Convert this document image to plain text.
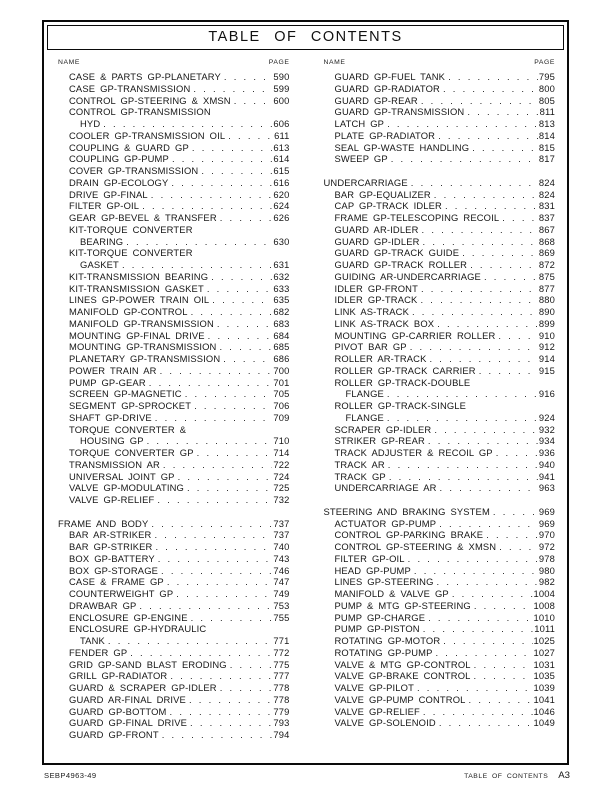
TABLE OF CONTENTS
NAME	PAGE	NAME	PAGE
CASE & PARTS GP-PLANETARY . . .	590
CASE GP-TRANSMISSION . . .	599
CONTROL GP-STEERING & XMSN . . .	600
CONTROL GP-TRANSMISSION
HYD . . .	606
COOLER GP-TRANSMISSION OIL . . .	611
COUPLING & GUARD GP . . .	613
COUPLING GP-PUMP . . .	614
COVER GP-TRANSMISSION . . .	615
DRAIN GP-ECOLOGY . . .	616
DRIVE GP-FINAL . . .	620
FILTER GP-OIL . . .	624
GEAR GP-BEVEL & TRANSFER . . .	626
KIT-TORQUE CONVERTER
BEARING . . .	630
KIT-TORQUE CONVERTER
GASKET . . .	631
KIT-TRANSMISSION BEARING . . .	632
KIT-TRANSMISSION GASKET . . .	633
LINES GP-POWER TRAIN OIL . . .	635
MANIFOLD GP-CONTROL . . .	682
MANIFOLD GP-TRANSMISSION . . .	683
MOUNTING GP-FINAL DRIVE . . .	684
MOUNTING GP-TRANSMISSION . . .	685
PLANETARY GP-TRANSMISSION . . .	686
POWER TRAIN AR . . .	700
PUMP GP-GEAR . . .	701
SCREEN GP-MAGNETIC . . .	705
SEGMENT GP-SPROCKET . . .	706
SHAFT GP-DRIVE . . .	709
TORQUE CONVERTER &
HOUSING GP . . .	710
TORQUE CONVERTER GP . . .	714
TRANSMISSION AR . . .	722
UNIVERSAL JOINT GP . . .	724
VALVE GP-MODULATING . . .	725
VALVE GP-RELIEF . . .	732
FRAME AND BODY . . .	737
BAR AR-STRIKER . . .	737
BAR GP-STRIKER . . .	740
BOX GP-BATTERY . . .	743
BOX GP-STORAGE . . .	746
CASE & FRAME GP . . .	747
COUNTERWEIGHT GP . . .	749
DRAWBAR GP . . .	753
ENCLOSURE GP-ENGINE . . .	755
ENCLOSURE GP-HYDRAULIC
TANK . . .	771
FENDER GP . . .	772
GRID GP-SAND BLAST ERODING . . .	775
GRILL GP-RADIATOR . . .	777
GUARD & SCRAPER GP-IDLER . . .	778
GUARD AR-FINAL DRIVE . . .	778
GUARD GP-BOTTOM . . .	779
GUARD GP-FINAL DRIVE . . .	793
GUARD GP-FRONT . . .	794
GUARD GP-FUEL TANK . . .	795
GUARD GP-RADIATOR . . .	800
GUARD GP-REAR . . .	805
GUARD GP-TRANSMISSION . . .	811
LATCH GP . . .	813
PLATE GP-RADIATOR . . .	814
SEAL GP-WASTE HANDLING . . .	815
SWEEP GP . . .	817
UNDERCARRIAGE . . .	824
BAR GP-EQUALIZER . . .	824
CAP GP-TRACK IDLER . . .	831
FRAME GP-TELESCOPING RECOIL . . .	837
GUARD AR-IDLER . . .	867
GUARD GP-IDLER . . .	868
GUARD GP-TRACK GUIDE . . .	869
GUARD GP-TRACK ROLLER . . .	872
GUIDING AR-UNDERCARRIAGE . . .	875
IDLER GP-FRONT . . .	877
IDLER GP-TRACK . . .	880
LINK AS-TRACK . . .	890
LINK AS-TRACK BOX . . .	899
MOUNTING GP-CARRIER ROLLER . . .	910
PIVOT BAR GP . . .	912
ROLLER AR-TRACK . . .	914
ROLLER GP-TRACK CARRIER . . .	915
ROLLER GP-TRACK-DOUBLE
FLANGE . . .	916
ROLLER GP-TRACK-SINGLE
FLANGE . . .	924
SCRAPER GP-IDLER . . .	932
STRIKER GP-REAR . . .	934
TRACK ADJUSTER & RECOIL GP . . .	936
TRACK AR . . .	940
TRACK GP . . .	941
UNDERCARRIAGE AR . . .	963
STEERING AND BRAKING SYSTEM . . .	969
ACTUATOR GP-PUMP . . .	969
CONTROL GP-PARKING BRAKE . . .	970
CONTROL GP-STEERING & XMSN . . .	972
FILTER GP-OIL . . .	978
HEAD GP-PUMP . . .	980
LINES GP-STEERING . . .	982
MANIFOLD & VALVE GP . . .	1004
PUMP & MTG GP-STEERING . . .	1008
PUMP GP-CHARGE . . .	1010
PUMP GP-PISTON . . .	1011
ROTATING GP-MOTOR . . .	1025
ROTATING GP-PUMP . . .	1027
VALVE & MTG GP-CONTROL . . .	1031
VALVE GP-BRAKE CONTROL . . .	1035
VALVE GP-PILOT . . .	1039
VALVE GP-PUMP CONTROL . . .	1041
VALVE GP-RELIEF . . .	1046
VALVE GP-SOLENOID . . .	1049
SEBP4963-49	TABLE OF CONTENTS A3
